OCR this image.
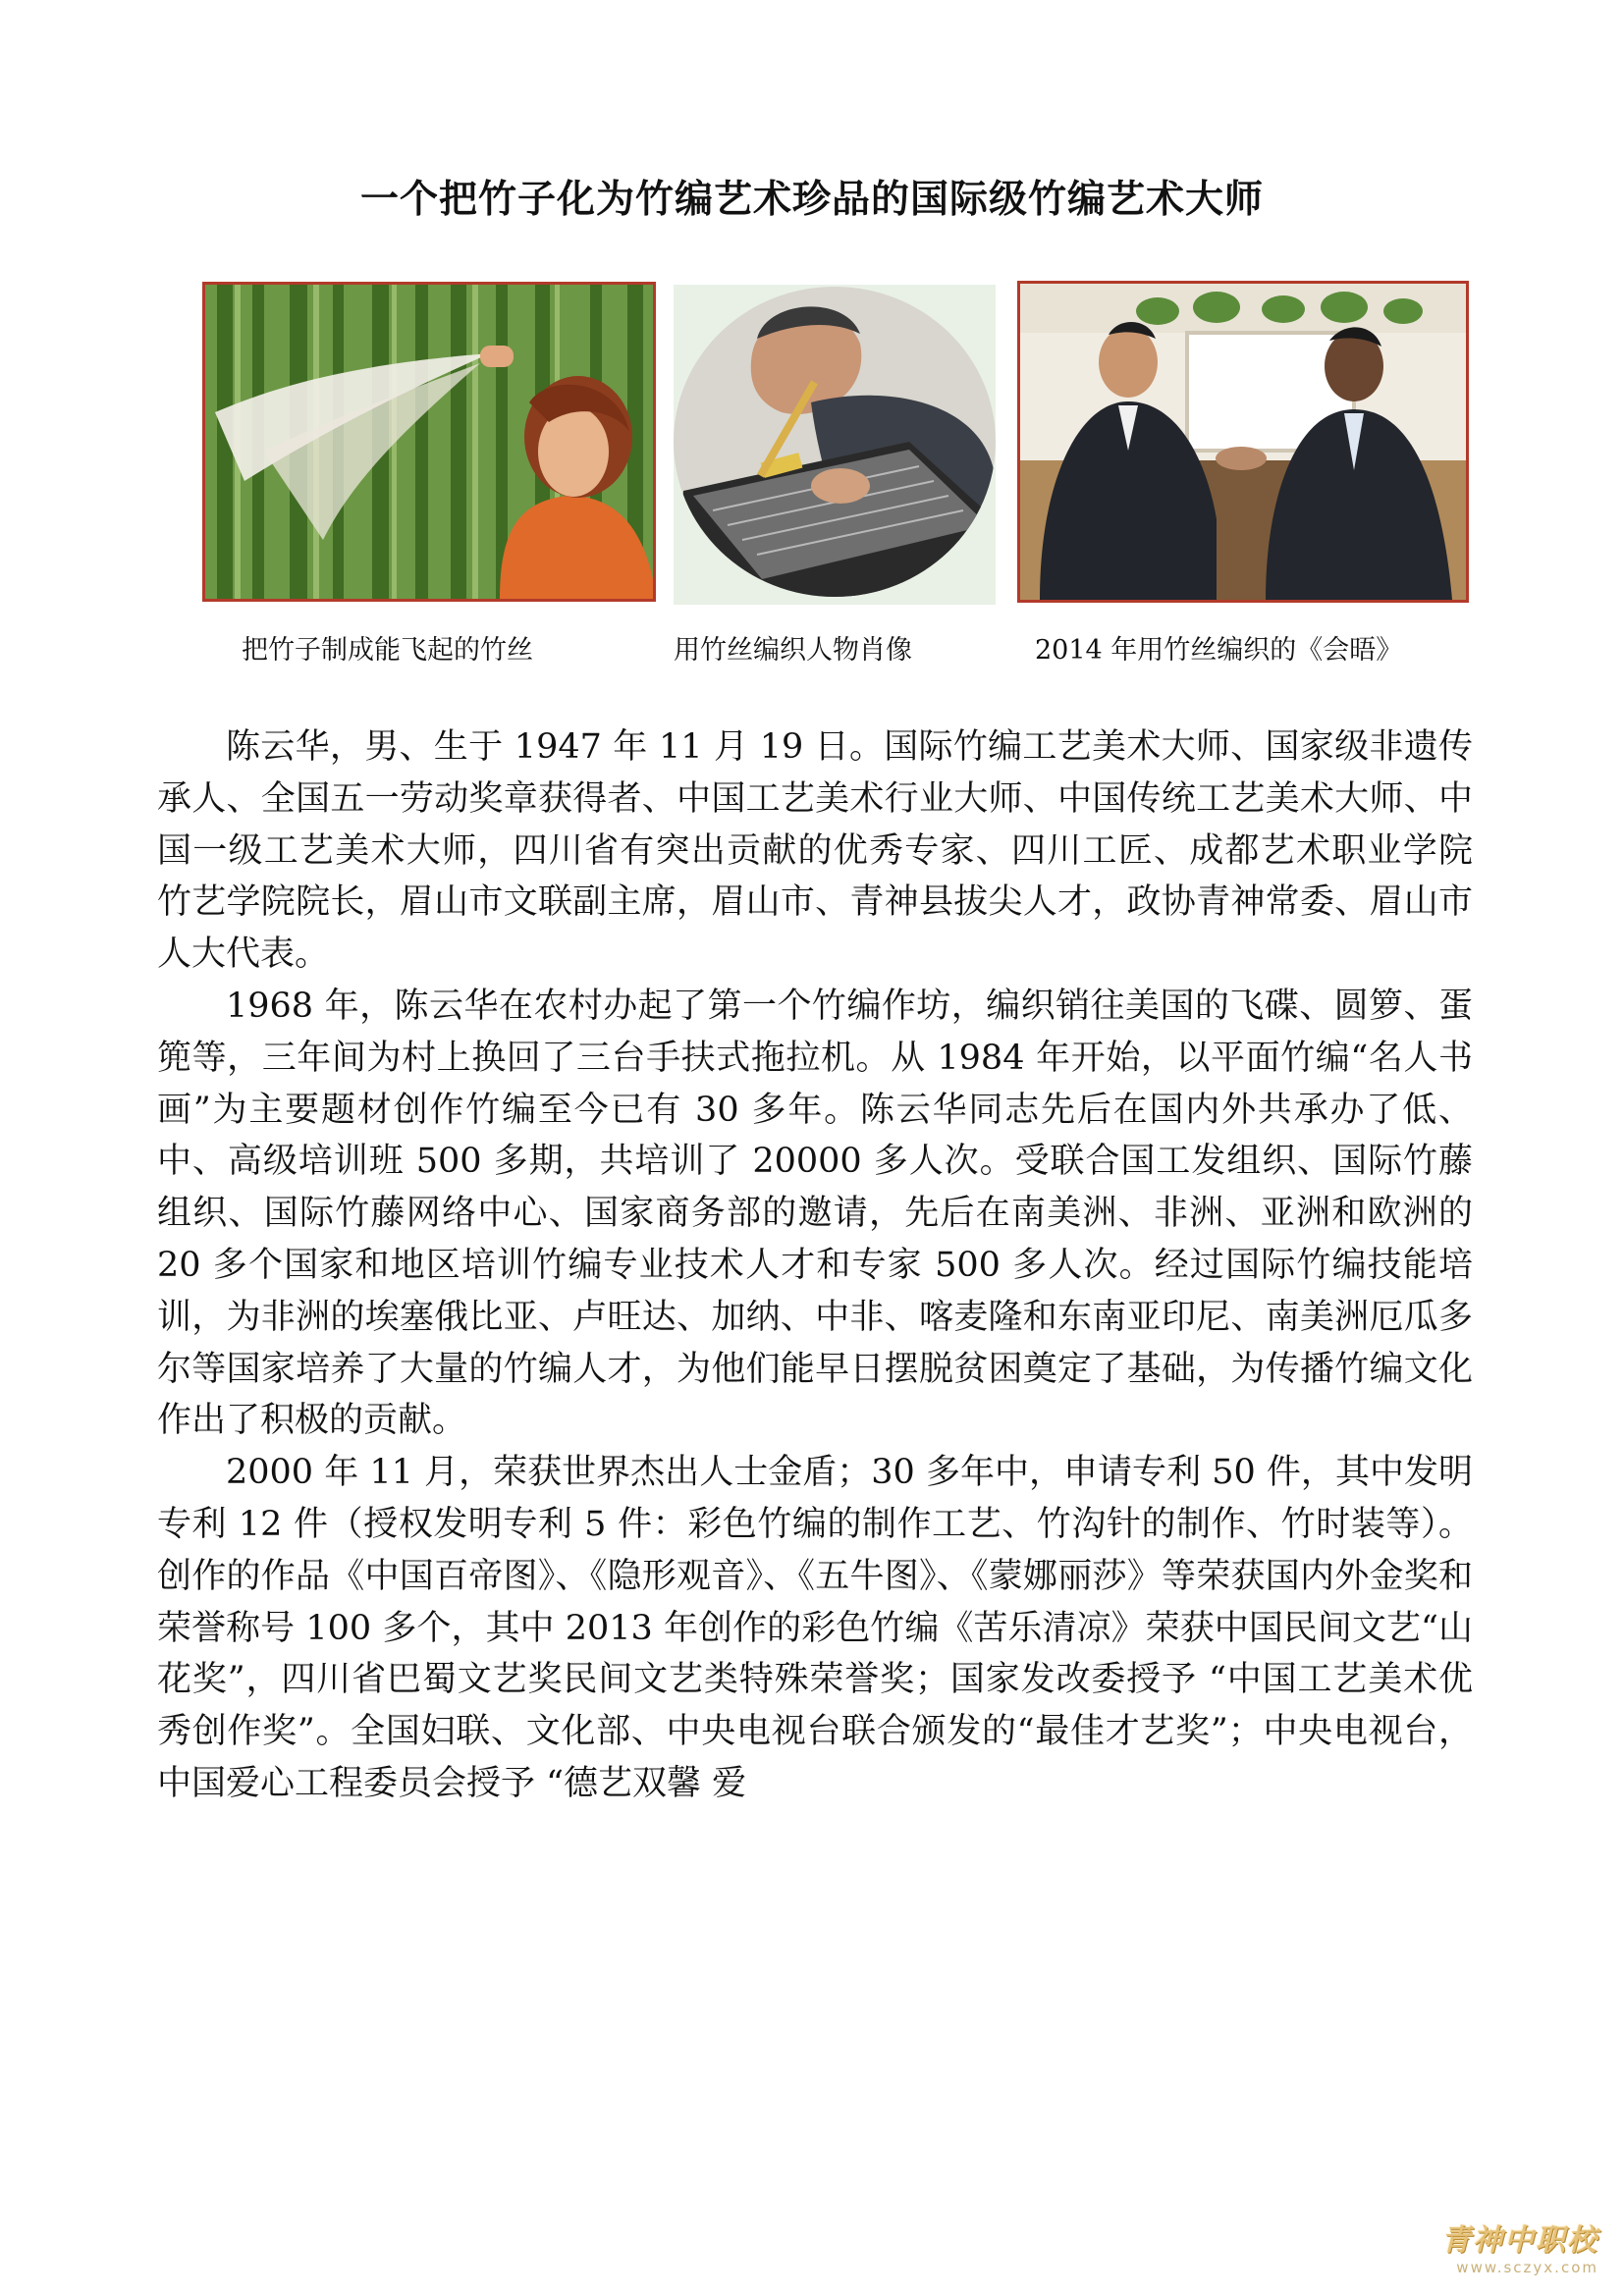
一个把竹子化为竹编艺术珍品的国际级竹编艺术大师
把竹子制成能飞起的竹丝	用竹丝编织人物肖像	2014 年用竹丝编织的《会晤》

陈云华，男、生于 1947 年 11 月 19 日。国际竹编工艺美术大师、国家级非遗传承人、全国五一劳动奖章获得者、中国工艺美术行业大师、中国传统工艺美术大师、中国一级工艺美术大师，四川省有突出贡献的优秀专家、四川工匠、成都艺术职业学院 竹艺学院院长，眉山市文联副主席，眉山市、青神县拔尖人才，政协青神常委、眉山市人大代表。

1968 年，陈云华在农村办起了第一个竹编作坊，编织销往美国的飞碟、圆箩、蛋篼等，三年间为村上换回了三台手扶式拖拉机。从 1984 年开始，以平面竹编“名人书画”为主要题材创作竹编至今已有 30 多年。陈云华同志先后在国内外共承办了低、中、高级培训班 500 多期，共培训了 20000 多人次。受联合国工发组织、国际竹藤组织、国际竹藤网络中心、国家商务部的邀请，先后在南美洲、非洲、亚洲和欧洲的 20 多个国家和地区培训竹编专业技术人才和专家 500 多人次。经过国际竹编技能培训，为非洲的埃塞俄比亚、卢旺达、加纳、中非、喀麦隆和东南亚印尼、南美洲厄瓜多尔等国家培养了大量的竹编人才，为他们能早日摆脱贫困奠定了基础，为传播竹编文化作出了积极的贡献。

2000 年 11 月，荣获世界杰出人士金盾；30 多年中，申请专利 50 件，其中发明专利 12 件（授权发明专利 5 件：彩色竹编的制作工艺、竹沟针的制作、竹时装等）。创作的作品《中国百帝图》、《隐形观音》、《五牛图》、《蒙娜丽莎》等荣获国内外金奖和荣誉称号 100 多个，其中 2013 年创作的彩色竹编《苦乐清凉》荣获中国民间文艺“山花奖”，四川省巴蜀文艺奖民间文艺类特殊荣誉奖；国家发改委授予 “中国工艺美术优秀创作奖”。全国妇联、文化部、中央电视台联合颁发的“最佳才艺奖”；中央电视台，中国爱心工程委员会授予 “德艺双馨 爱

青神中职校
www.sczyx.com
